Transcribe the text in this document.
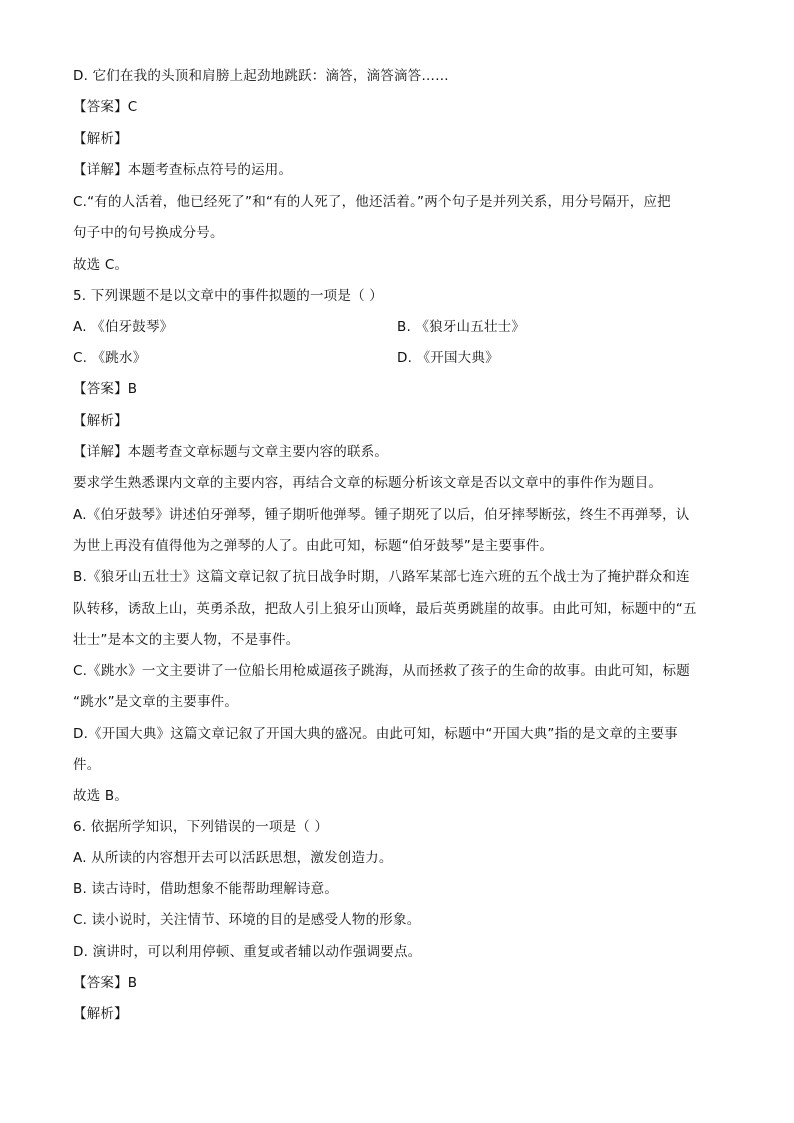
D. 它们在我的头顶和肩膀上起劲地跳跃：滴答，滴答滴答……
【答案】C
【解析】
【详解】本题考查标点符号的运用。
C.“有的人活着，他已经死了”和“有的人死了，他还活着。”两个句子是并列关系，用分号隔开，应把
句子中的句号换成分号。
故选 C。
5. 下列课题不是以文章中的事件拟题的一项是（ ）
A. 《伯牙鼓琴》	B. 《狼牙山五壮士》
C. 《跳水》	D. 《开国大典》
【答案】B
【解析】
【详解】本题考查文章标题与文章主要内容的联系。
要求学生熟悉课内文章的主要内容，再结合文章的标题分析该文章是否以文章中的事件作为题目。
A.《伯牙鼓琴》讲述伯牙弹琴，锺子期听他弹琴。锺子期死了以后，伯牙摔琴断弦，终生不再弹琴，认
为世上再没有值得他为之弹琴的人了。由此可知，标题“伯牙鼓琴”是主要事件。
B.《狼牙山五壮士》这篇文章记叙了抗日战争时期，八路军某部七连六班的五个战士为了掩护群众和连
队转移，诱敌上山，英勇杀敌，把敌人引上狼牙山顶峰，最后英勇跳崖的故事。由此可知，标题中的“五
壮士”是本文的主要人物，不是事件。
C.《跳水》一文主要讲了一位船长用枪威逼孩子跳海，从而拯救了孩子的生命的故事。由此可知，标题
“跳水”是文章的主要事件。
D.《开国大典》这篇文章记叙了开国大典的盛况。由此可知，标题中“开国大典”指的是文章的主要事
件。
故选 B。
6. 依据所学知识，下列错误的一项是（ ）
A. 从所读的内容想开去可以活跃思想，激发创造力。
B. 读古诗时，借助想象不能帮助理解诗意。
C. 读小说时，关注情节、环境的目的是感受人物的形象。
D. 演讲时，可以利用停顿、重复或者辅以动作强调要点。
【答案】B
【解析】
